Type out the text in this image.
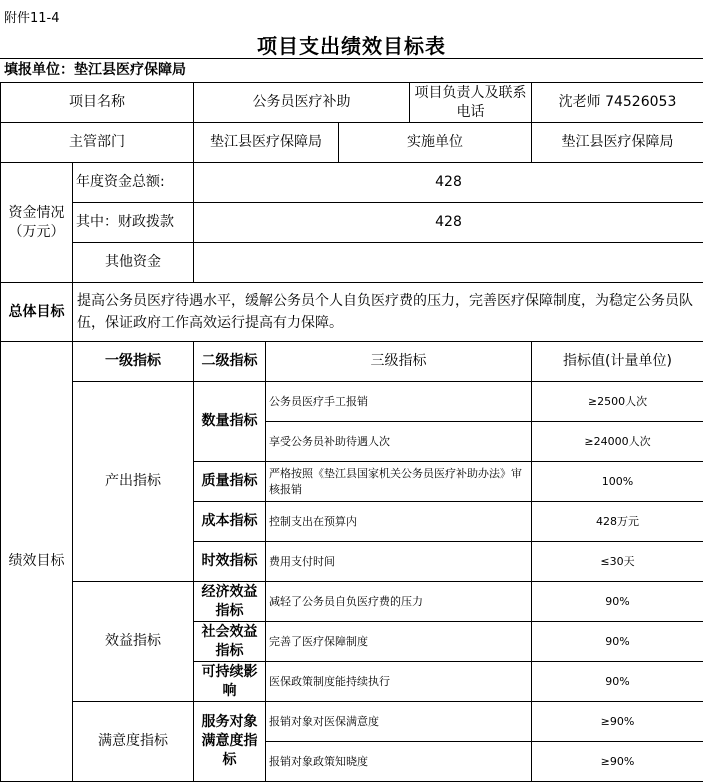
附件11-4
项目支出绩效目标表
填报单位：垫江县医疗保障局
项目名称		公务员医疗补助			项目负责人及联系电话	沈老师 74526053
主管部门		垫江县医疗保障局		实施单位		垫江县医疗保障局
资金情况（万元）	年度资金总额:	428				
	其中：财政拨款	428				
	其他资金					
总体目标	提高公务员医疗待遇水平，缓解公务员个人自负医疗费的压力，完善医疗保障制度，为稳定公务员队伍，保证政府工作高效运行提高有力保障。					
绩效目标	一级指标	二级指标	三级指标			指标值(计量单位)
	产出指标	数量指标	公务员医疗手工报销			≥2500人次
			享受公务员补助待遇人次			≥24000人次
		质量指标	严格按照《垫江县国家机关公务员医疗补助办法》审核报销			100%
		成本指标	控制支出在预算内			428万元
		时效指标	费用支付时间			≤30天
	效益指标	经济效益指标	减轻了公务员自负医疗费的压力			90%
		社会效益指标	完善了医疗保障制度			90%
		可持续影响	医保政策制度能持续执行			90%
	满意度指标	服务对象满意度指标	报销对象对医保满意度			≥90%
			报销对象政策知晓度			≥90%
